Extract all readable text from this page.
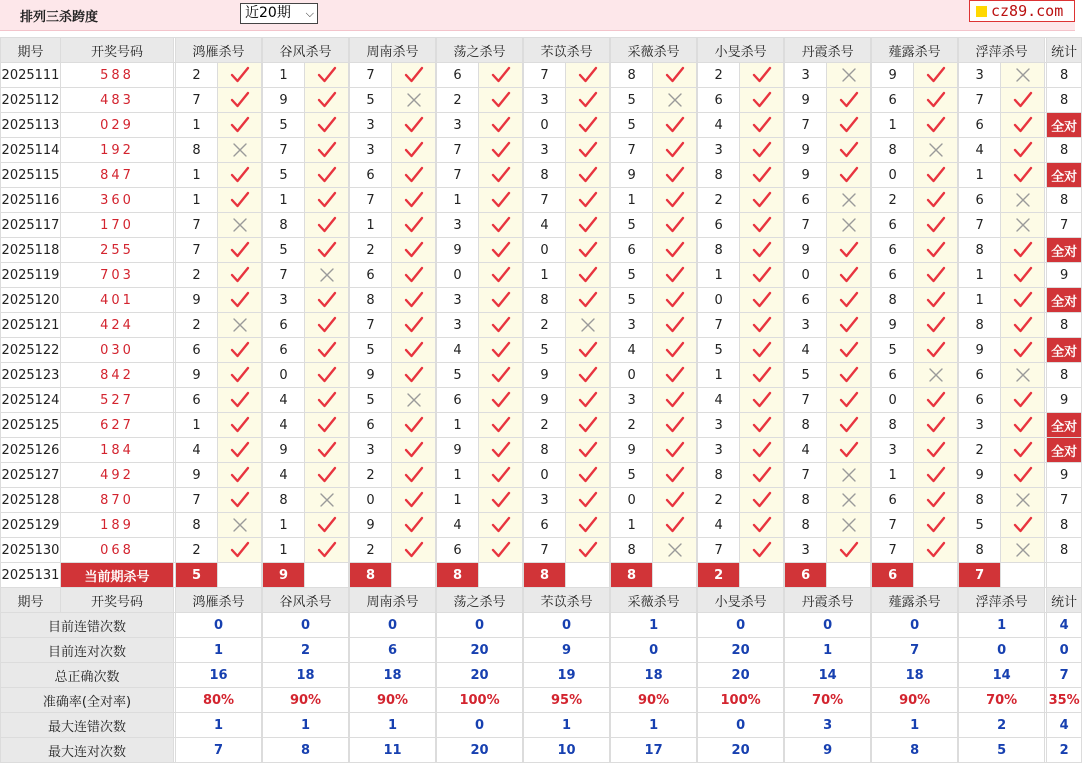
排列三杀跨度	近20期 ⌵	cz89.com
期号	开奖号码		鸿雁杀号		谷风杀号		周南杀号		荡之杀号		芣苡杀号		采薇杀号		小旻杀号		丹霞杀号		薤露杀号		浮萍杀号			统计
2025111	588		2			1			7			6			7			8			2			3			9			3			8
2025112	483		7			9			5			2			3			5			6			9			6			7			8
2025113	029		1			5			3			3			0			5			4			7			1			6			全对
2025114	192		8			7			3			7			3			7			3			9			8			4			8
2025115	847		1			5			6			7			8			9			8			9			0			1			全对
2025116	360		1			1			7			1			7			1			2			6			2			6			8
2025117	170		7			8			1			3			4			5			6			7			6			7			7
2025118	255		7			5			2			9			0			6			8			9			6			8			全对
2025119	703		2			7			6			0			1			5			1			0			6			1			9
2025120	401		9			3			8			3			8			5			0			6			8			1			全对
2025121	424		2			6			7			3			2			3			7			3			9			8			8
2025122	030		6			6			5			4			5			4			5			4			5			9			全对
2025123	842		9			0			9			5			9			0			1			5			6			6			8
2025124	527		6			4			5			6			9			3			4			7			0			6			9
2025125	627		1			4			6			1			2			2			3			8			8			3			全对
2025126	184		4			9			3			9			8			9			3			4			3			2			全对
2025127	492		9			4			2			1			0			5			8			7			1			9			9
2025128	870		7			8			0			1			3			0			2			8			6			8			7
2025129	189		8			1			9			4			6			1			4			8			7			5			8
2025130	068		2			1			2			6			7			8			7			3			7			8			8
2025131	当前期杀号		5			9			8			8			8			8			2			6			6			7			
期号	开奖号码		鸿雁杀号		谷风杀号		周南杀号		荡之杀号		芣苡杀号		采薇杀号		小旻杀号		丹霞杀号		薤露杀号		浮萍杀号			统计
目前连错次数			0		0		0		0		0		1		0		0		0		1			4
目前连对次数			1		2		6		20		9		0		20		1		7		0			0
总正确次数			16		18		18		20		19		18		20		14		18		14			7
准确率(全对率)			80%		90%		90%		100%		95%		90%		100%		70%		90%		70%			35%
最大连错次数			1		1		1		0		1		1		0		3		1		2			4
最大连对次数			7		8		11		20		10		17		20		9		8		5			2
